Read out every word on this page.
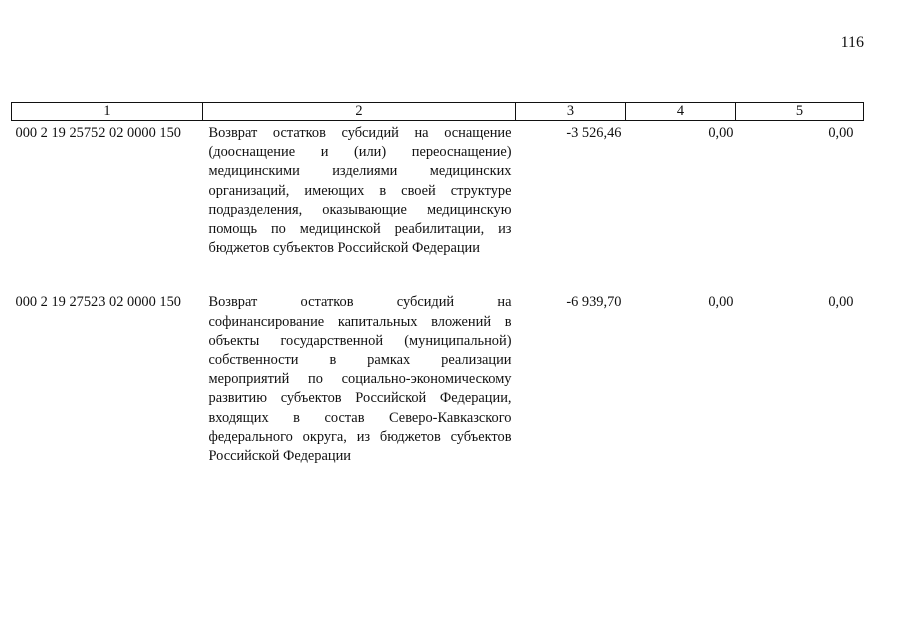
116
1	2	3	4	5
000 2 19 25752 02 0000 150	Возврат остатков субсидий на оснащение (дооснащение и (или) переоснащение) медицинскими изделиями медицинских организаций, имеющих в своей структуре подразделения, оказывающие медицинскую помощь по медицинской реабилитации, из бюджетов субъектов Российской Федерации	-3 526,46	0,00	0,00

000 2 19 27523 02 0000 150	Возврат остатков субсидий на софинансирование капитальных вложений в объекты государственной (муниципальной) собственности в рамках реализации мероприятий по социально-экономическому развитию субъектов Российской Федерации, входящих в состав Северо-Кавказского федерального округа, из бюджетов субъектов Российской Федерации	-6 939,70	0,00	0,00
